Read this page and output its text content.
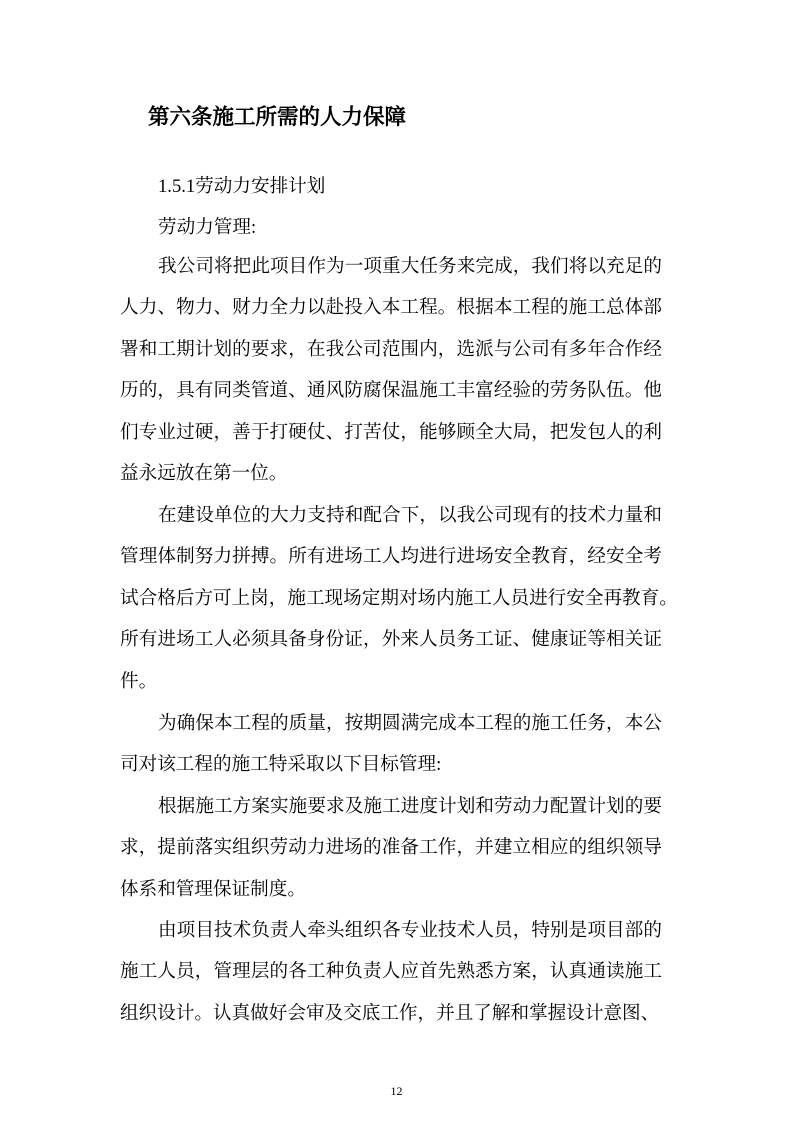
第六条施工所需的人力保障
1.5.1劳动力安排计划
劳动力管理:
我公司将把此项目作为一项重大任务来完成，我们将以充足的
人力、物力、财力全力以赴投入本工程。根据本工程的施工总体部
署和工期计划的要求，在我公司范围内，选派与公司有多年合作经
历的，具有同类管道、通风防腐保温施工丰富经验的劳务队伍。他
们专业过硬，善于打硬仗、打苦仗，能够顾全大局，把发包人的利
益永远放在第一位。
在建设单位的大力支持和配合下，以我公司现有的技术力量和
管理体制努力拼搏。所有进场工人均进行进场安全教育，经安全考
试合格后方可上岗，施工现场定期对场内施工人员进行安全再教育。
所有进场工人必须具备身份证，外来人员务工证、健康证等相关证
件。
为确保本工程的质量，按期圆满完成本工程的施工任务，本公
司对该工程的施工特采取以下目标管理:
根据施工方案实施要求及施工进度计划和劳动力配置计划的要
求，提前落实组织劳动力进场的准备工作，并建立相应的组织领导
体系和管理保证制度。
由项目技术负责人牵头组织各专业技术人员，特别是项目部的
施工人员，管理层的各工种负责人应首先熟悉方案，认真通读施工
组织设计。认真做好会审及交底工作，并且了解和掌握设计意图、
12
